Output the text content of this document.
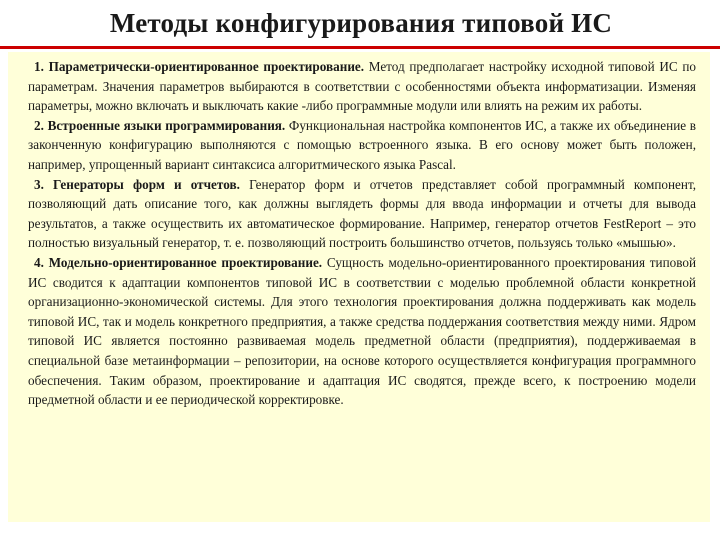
Методы конфигурирования типовой ИС

1. Параметрически-ориентированное проектирование. Метод предполагает настройку исходной типовой ИС по параметрам. Значения параметров выбираются в соответствии с особенностями объекта информатизации. Изменяя параметры, можно включать и выключать какие -либо программные модули или влиять на режим их работы.

2. Встроенные языки программирования. Функциональная настройка компонентов ИС, а также их объединение в законченную конфигурацию выполняются с помощью встроенного языка. В его основу может быть положен, например, упрощенный вариант синтаксиса алгоритмического языка Pascal.

3. Генераторы форм и отчетов. Генератор форм и отчетов представляет собой программный компонент, позволяющий дать описание того, как должны выглядеть формы для ввода информации и отчеты для вывода результатов, а также осуществить их автоматическое формирование. Например, генератор отчетов FestReport – это полностью визуальный генератор, т. е. позволяющий построить большинство отчетов, пользуясь только «мышью».

4. Модельно-ориентированное проектирование. Сущность модельно-ориентированного проектирования типовой ИС сводится к адаптации компонентов типовой ИС в соответствии с моделью проблемной области конкретной организационно-экономической системы. Для этого технология проектирования должна поддерживать как модель типовой ИС, так и модель конкретного предприятия, а также средства поддержания соответствия между ними. Ядром типовой ИС является постоянно развиваемая модель предметной области (предприятия), поддерживаемая в специальной базе метаинформации – репозитории, на основе которого осуществляется конфигурация программного обеспечения. Таким образом, проектирование и адаптация ИС сводятся, прежде всего, к построению модели предметной области и ее периодической корректировке.
